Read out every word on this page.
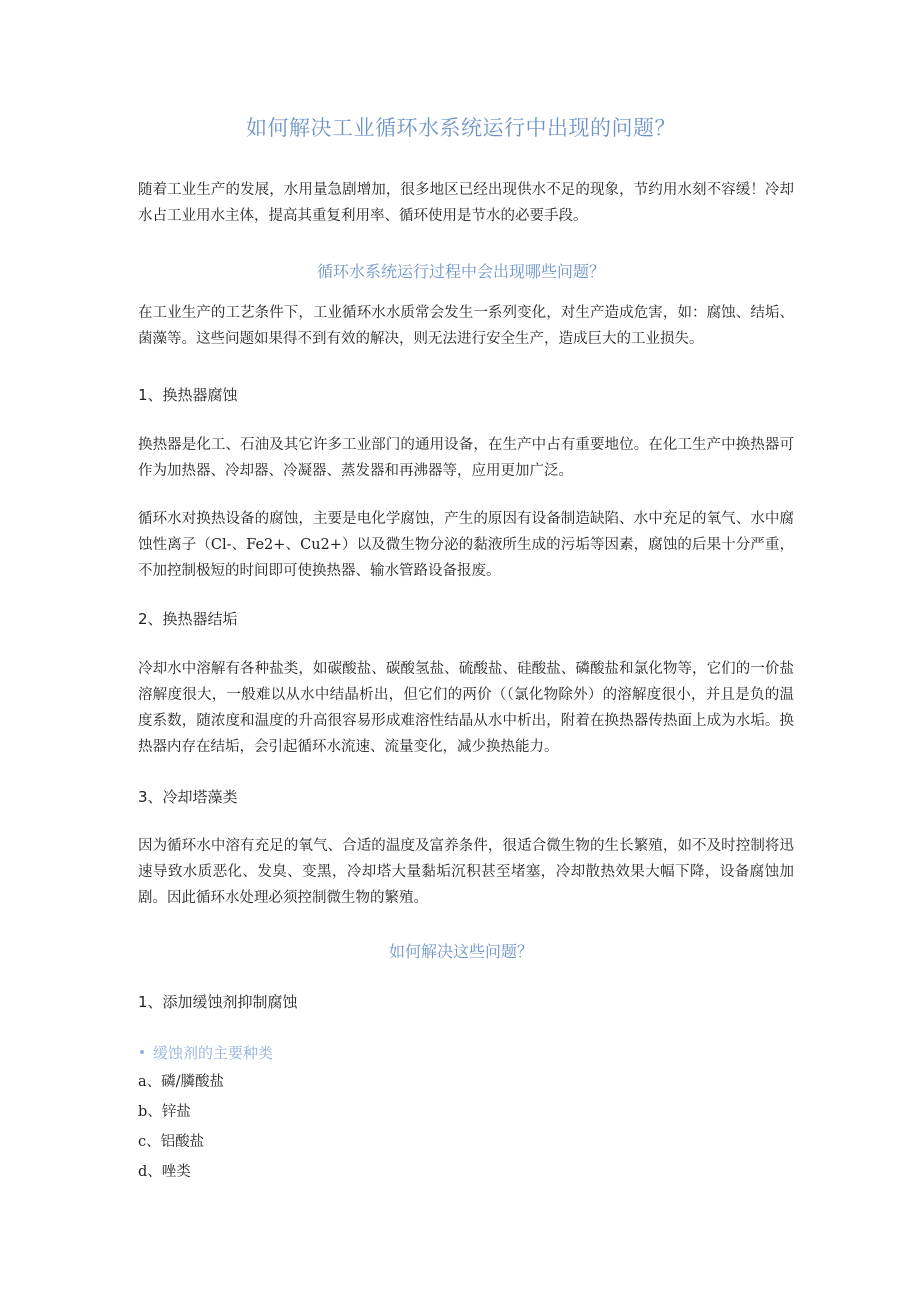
如何解决工业循环水系统运行中出现的问题？

随着工业生产的发展，水用量急剧增加，很多地区已经出现供水不足的现象，节约用水刻不容缓！冷却水占工业用水主体，提高其重复利用率、循环使用是节水的必要手段。

循环水系统运行过程中会出现哪些问题？

在工业生产的工艺条件下，工业循环水水质常会发生一系列变化，对生产造成危害，如：腐蚀、结垢、菌藻等。这些问题如果得不到有效的解决，则无法进行安全生产，造成巨大的工业损失。

1、换热器腐蚀

换热器是化工、石油及其它许多工业部门的通用设备，在生产中占有重要地位。在化工生产中换热器可作为加热器、冷却器、冷凝器、蒸发器和再沸器等，应用更加广泛。

循环水对换热设备的腐蚀，主要是电化学腐蚀，产生的原因有设备制造缺陷、水中充足的氧气、水中腐蚀性离子（Cl-、Fe2+、Cu2+）以及微生物分泌的黏液所生成的污垢等因素，腐蚀的后果十分严重，不加控制极短的时间即可使换热器、输水管路设备报废。

2、换热器结垢

冷却水中溶解有各种盐类，如碳酸盐、碳酸氢盐、硫酸盐、硅酸盐、磷酸盐和氯化物等，它们的一价盐溶解度很大，一般难以从水中结晶析出，但它们的两价（（氯化物除外）的溶解度很小，并且是负的温度系数，随浓度和温度的升高很容易形成难溶性结晶从水中析出，附着在换热器传热面上成为水垢。换热器内存在结垢，会引起循环水流速、流量变化，减少换热能力。

3、冷却塔藻类

因为循环水中溶有充足的氧气、合适的温度及富养条件，很适合微生物的生长繁殖，如不及时控制将迅速导致水质恶化、发臭、变黑，冷却塔大量黏垢沉积甚至堵塞，冷却散热效果大幅下降，设备腐蚀加剧。因此循环水处理必须控制微生物的繁殖。

如何解决这些问题？
1、添加缓蚀剂抑制腐蚀
缓蚀剂的主要种类
a、磷/膦酸盐
b、锌盐
c、铝酸盐
d、唑类
